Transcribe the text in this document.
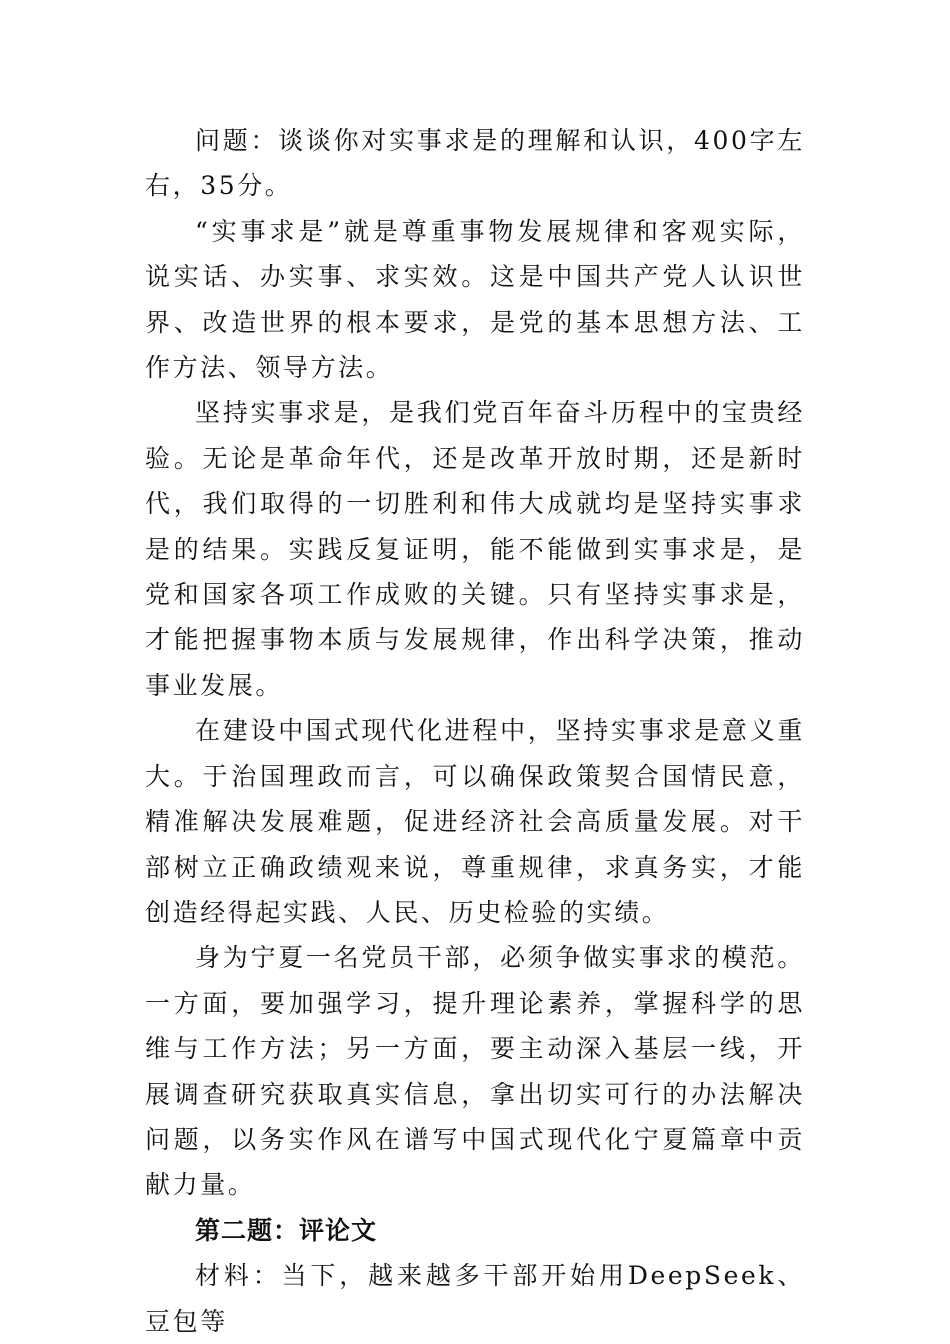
问题：谈谈你对实事求是的理解和认识，400字左右，35分。

“实事求是”就是尊重事物发展规律和客观实际，说实话、办实事、求实效。这是中国共产党人认识世界、改造世界的根本要求，是党的基本思想方法、工作方法、领导方法。

坚持实事求是，是我们党百年奋斗历程中的宝贵经验。无论是革命年代，还是改革开放时期，还是新时代，我们取得的一切胜利和伟大成就均是坚持实事求是的结果。实践反复证明，能不能做到实事求是，是党和国家各项工作成败的关键。只有坚持实事求是，才能把握事物本质与发展规律，作出科学决策，推动事业发展。

在建设中国式现代化进程中，坚持实事求是意义重大。于治国理政而言，可以确保政策契合国情民意，精准解决发展难题，促进经济社会高质量发展。对干部树立正确政绩观来说，尊重规律，求真务实，才能创造经得起实践、人民、历史检验的实绩。

身为宁夏一名党员干部，必须争做实事求的模范。一方面，要加强学习，提升理论素养，掌握科学的思维与工作方法；另一方面，要主动深入基层一线，开展调查研究获取真实信息，拿出切实可行的办法解决问题，以务实作风在谱写中国式现代化宁夏篇章中贡献力量。

第二题：评论文

材料：当下，越来越多干部开始用DeepSeek、豆包等
